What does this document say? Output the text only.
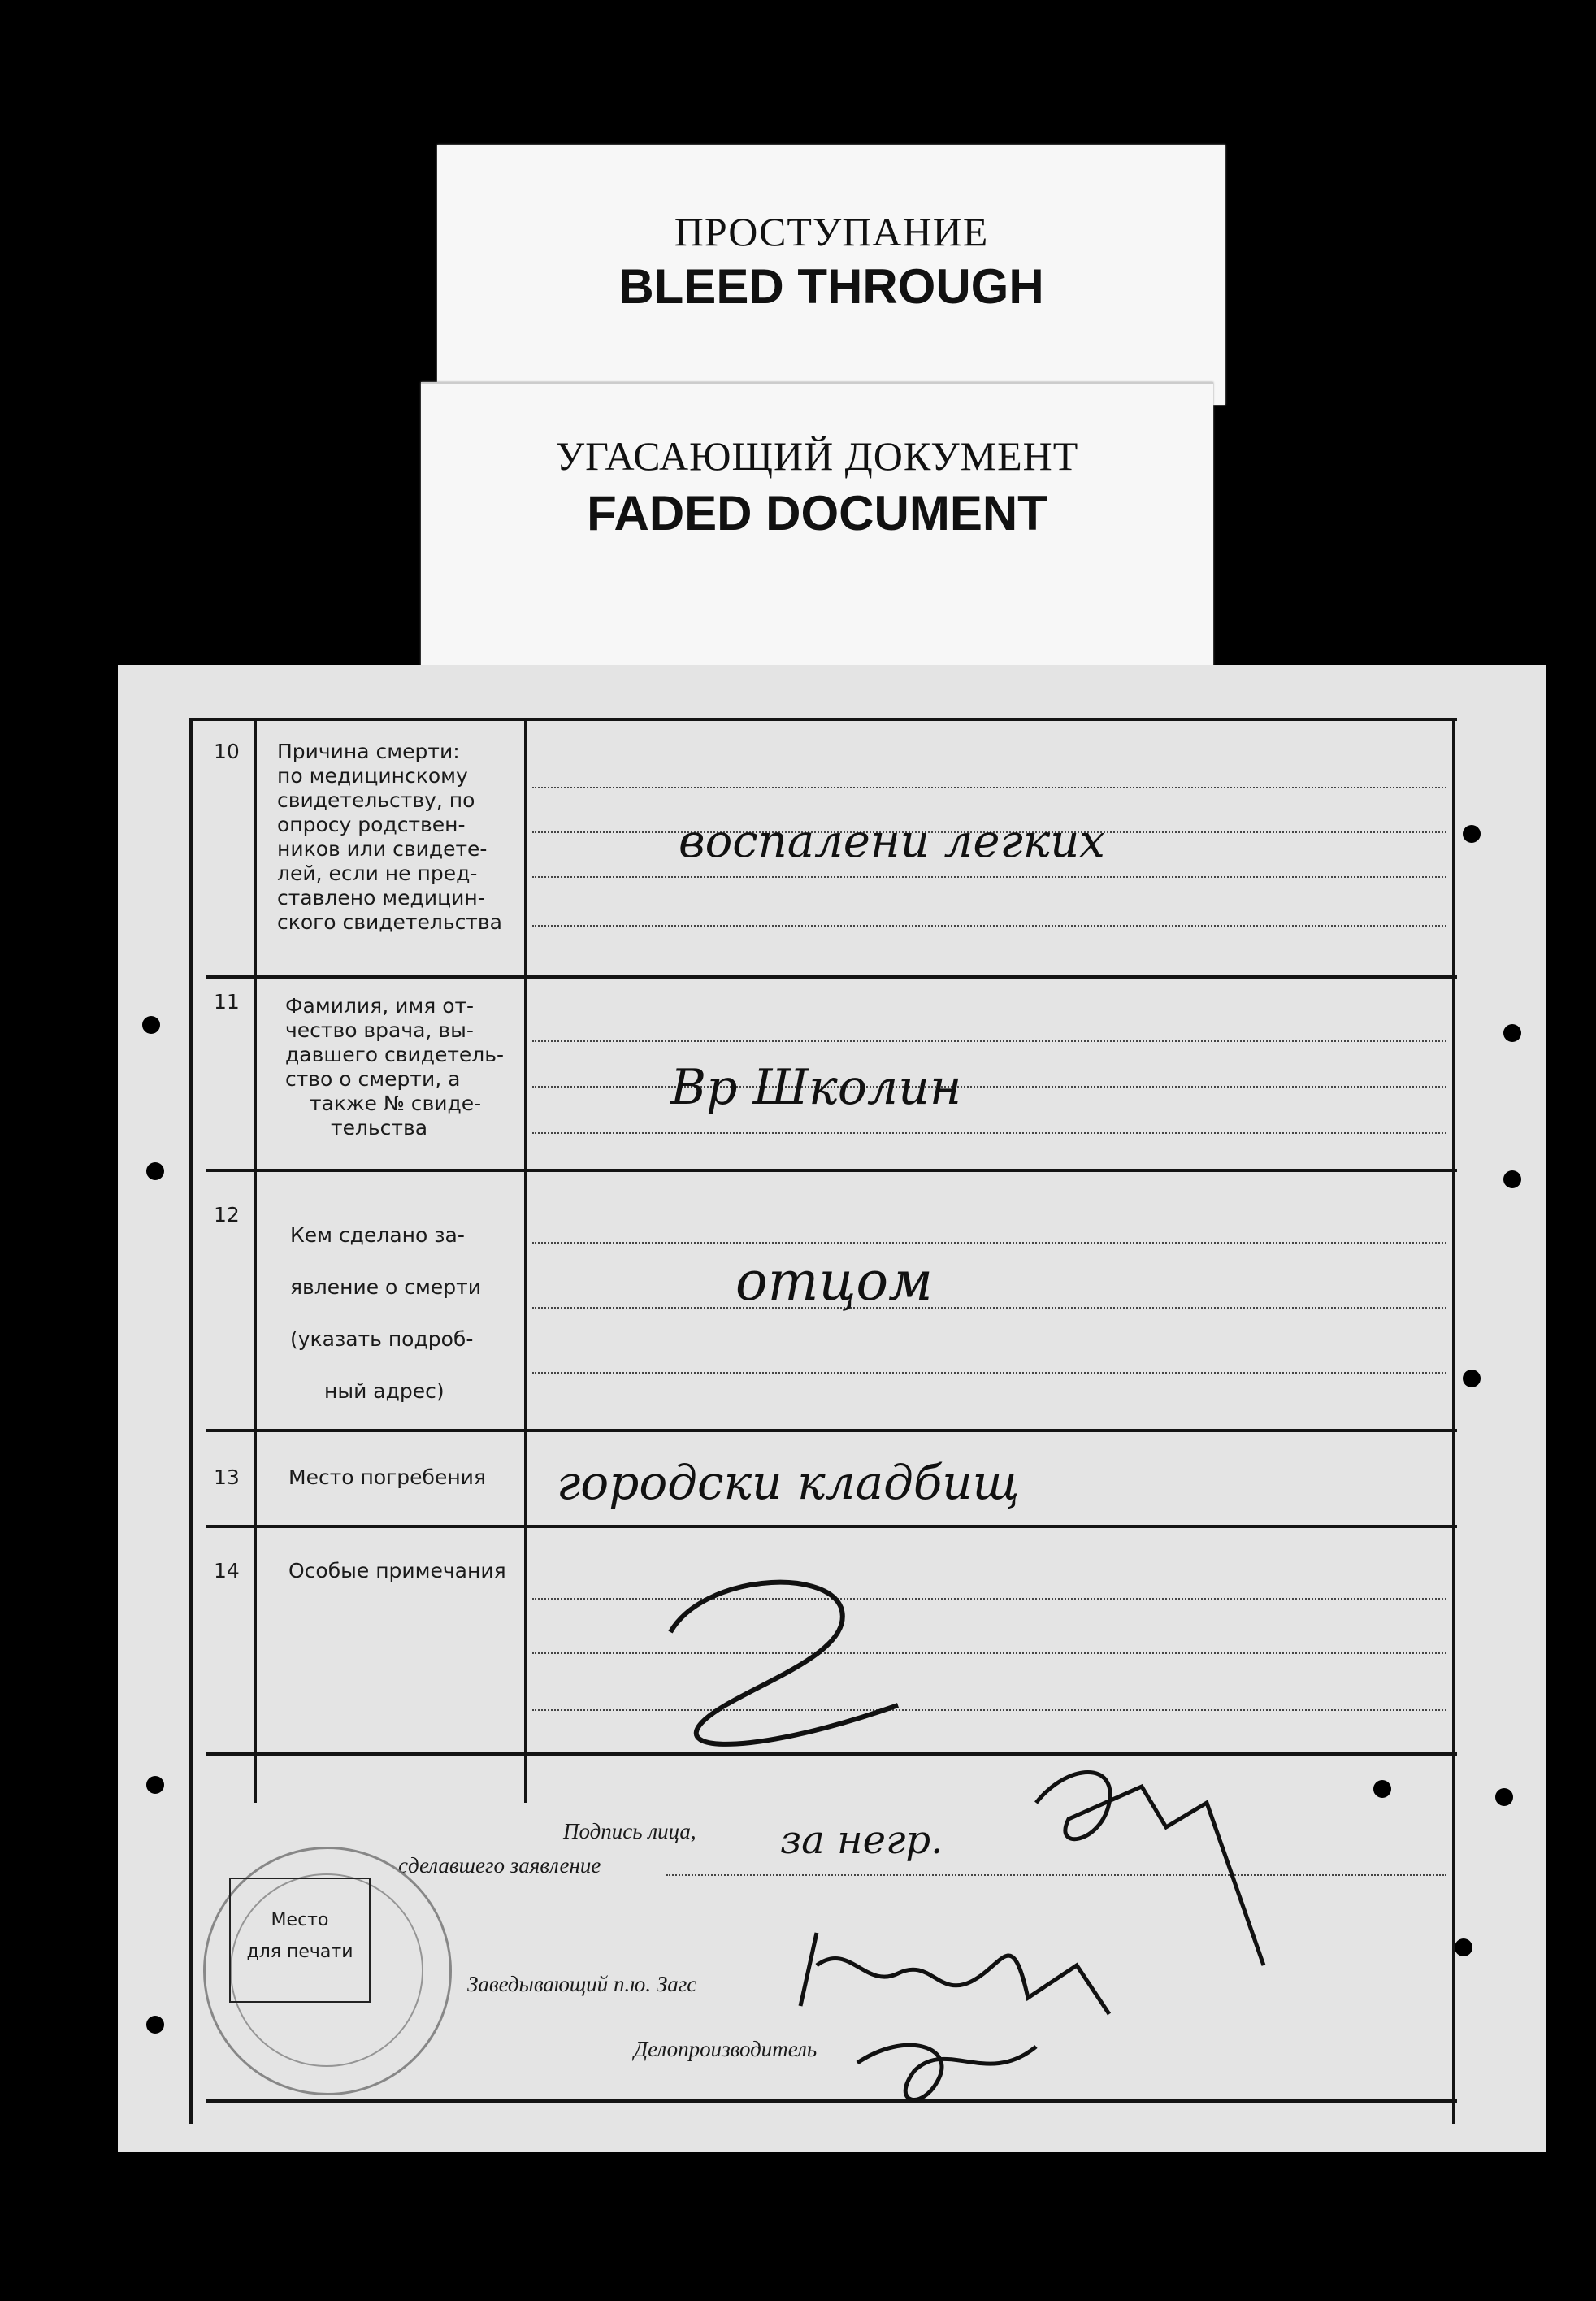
ПРОСТУПАНИЕ
BLEED THROUGH
УГАСАЮЩИЙ ДОКУМЕНТ
FADED DOCUMENT
10 Причина смерти:
по медицинскому
свидетельству, по
опросу родствен-
ников или свидете-
лей, если не пред-
ставлено медицин-
ского свидетельства
воспалени легких
11 Фамилия, имя от-
чество врача, вы-
давшего свидетель-
ство о смерти, а
также № свиде-
тельства
Вр Школин
12
Кем сделано за-
явление о смерти
(указать подроб-
ный адрес)
отцом
13 Место погребения	городски кладбищ
14 Особые примечания
Подпись лица,
сделавшего заявление
за негр.
Заведывающий п.ю. Загс
Делопроизводитель
Место
для печати
